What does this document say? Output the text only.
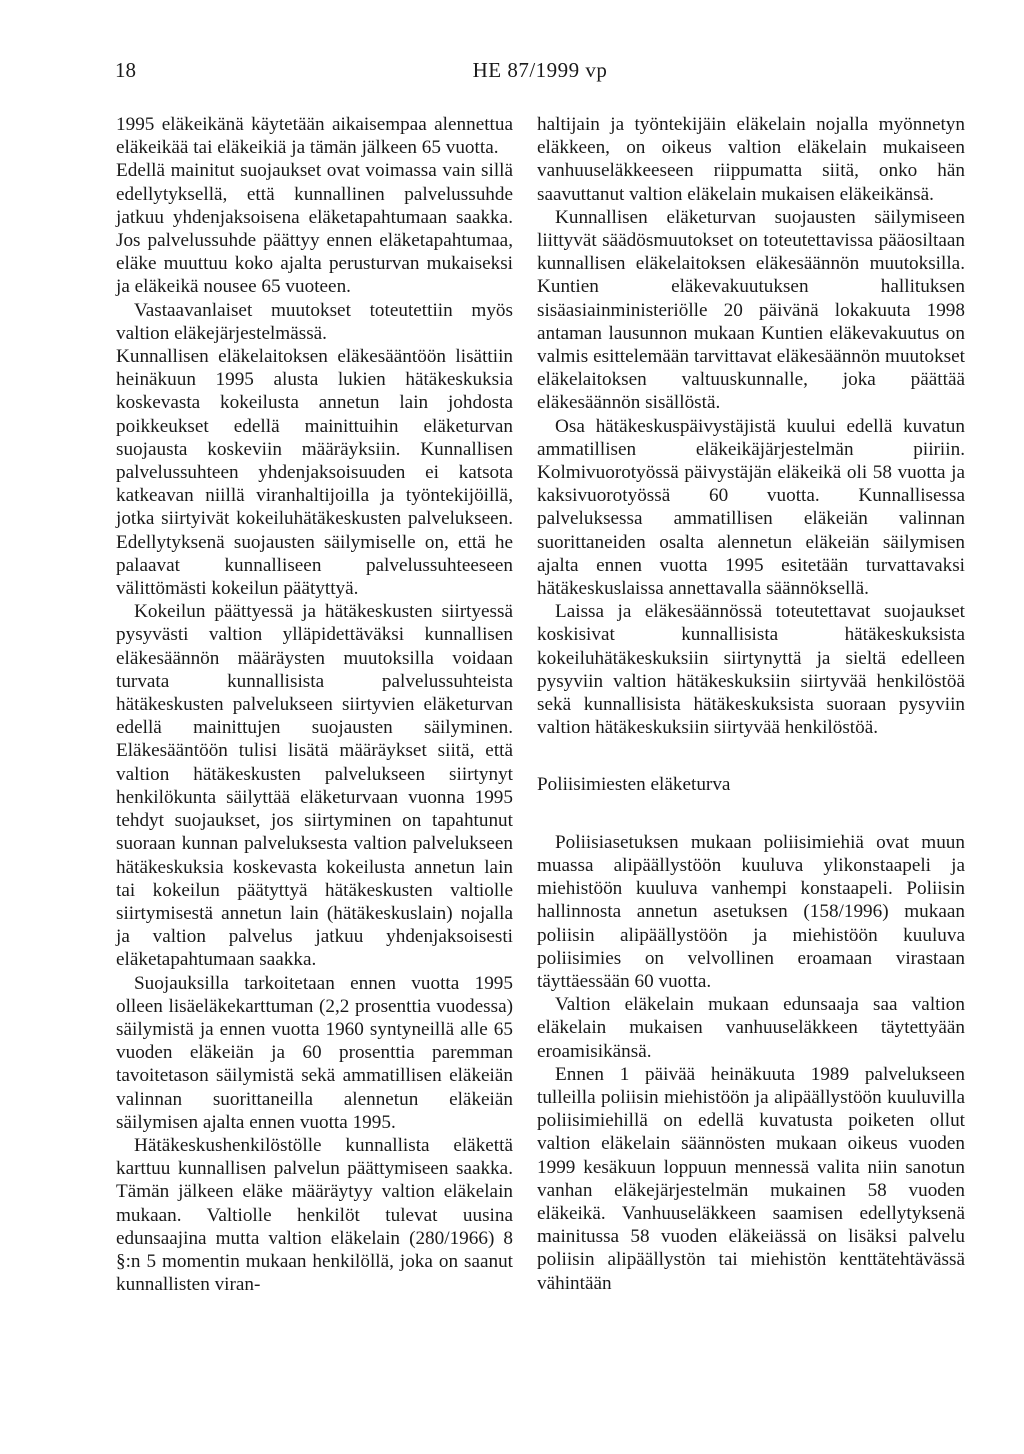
18	HE 87/1999 vp

1995 eläkeikänä käytetään aikaisempaa alennettua eläkeikää tai eläkeikiä ja tämän jälkeen 65 vuotta.

Edellä mainitut suojaukset ovat voimassa vain sillä edellytyksellä, että kunnallinen palvelussuhde jatkuu yhdenjaksoisena eläketapahtumaan saakka. Jos palvelussuhde päättyy ennen eläketapahtumaa, eläke muuttuu koko ajalta perusturvan mukaiseksi ja eläkeikä nousee 65 vuoteen.

Vastaavanlaiset muutokset toteutettiin myös valtion eläkejärjestelmässä.

Kunnallisen eläkelaitoksen eläkesääntöön lisättiin heinäkuun 1995 alusta lukien hätäkeskuksia koskevasta kokeilusta annetun lain johdosta poikkeukset edellä mainittuihin eläketurvan suojausta koskeviin määräyksiin. Kunnallisen palvelussuhteen yhdenjaksoisuuden ei katsota katkeavan niillä viranhaltijoilla ja työntekijöillä, jotka siirtyivät kokeiluhätäkeskusten palvelukseen. Edellytyksenä suojausten säilymiselle on, että he palaavat kunnalliseen palvelussuhteeseen välittömästi kokeilun päätyttyä.

Kokeilun päättyessä ja hätäkeskusten siirtyessä pysyvästi valtion ylläpidettäväksi kunnallisen eläkesäännön määräysten muutoksilla voidaan turvata kunnallisista palvelussuhteista hätäkeskusten palvelukseen siirtyvien eläketurvan edellä mainittujen suojausten säilyminen. Eläkesääntöön tulisi lisätä määräykset siitä, että valtion hätäkeskusten palvelukseen siirtynyt henkilökunta säilyttää eläketurvaan vuonna 1995 tehdyt suojaukset, jos siirtyminen on tapahtunut suoraan kunnan palveluksesta valtion palvelukseen hätäkeskuksia koskevasta kokeilusta annetun lain tai kokeilun päätyttyä hätäkeskusten valtiolle siirtymisestä annetun lain (hätäkeskuslain) nojalla ja valtion palvelus jatkuu yhdenjaksoisesti eläketapahtumaan saakka.

Suojauksilla tarkoitetaan ennen vuotta 1995 olleen lisäeläkekarttuman (2,2 prosenttia vuodessa) säilymistä ja ennen vuotta 1960 syntyneillä alle 65 vuoden eläkeiän ja 60 prosenttia paremman tavoitetason säilymistä sekä ammatillisen eläkeiän valinnan suorittaneilla alennetun eläkeiän säilymisen ajalta ennen vuotta 1995.

Hätäkeskushenkilöstölle kunnallista eläkettä karttuu kunnallisen palvelun päättymiseen saakka. Tämän jälkeen eläke määräytyy valtion eläkelain mukaan. Valtiolle henkilöt tulevat uusina edunsaajina mutta valtion eläkelain (280/1966) 8 §:n 5 momentin mukaan henkilöllä, joka on saanut kunnallisten viran-

haltijain ja työntekijäin eläkelain nojalla myönnetyn eläkkeen, on oikeus valtion eläkelain mukaiseen vanhuuseläkkeeseen riippumatta siitä, onko hän saavuttanut valtion eläkelain mukaisen eläkeikänsä.

Kunnallisen eläketurvan suojausten säilymiseen liittyvät säädösmuutokset on toteutettavissa pääosiltaan kunnallisen eläkelaitoksen eläkesäännön muutoksilla. Kuntien eläkevakuutuksen hallituksen sisäasiainministeriölle 20 päivänä lokakuuta 1998 antaman lausunnon mukaan Kuntien eläkevakuutus on valmis esittelemään tarvittavat eläkesäännön muutokset eläkelaitoksen valtuuskunnalle, joka päättää eläkesäännön sisällöstä.

Osa hätäkeskuspäivystäjistä kuului edellä kuvatun ammatillisen eläkeikäjärjestelmän piiriin. Kolmivuorotyössä päivystäjän eläkeikä oli 58 vuotta ja kaksivuorotyössä 60 vuotta. Kunnallisessa palveluksessa ammatillisen eläkeiän valinnan suorittaneiden osalta alennetun eläkeiän säilymisen ajalta ennen vuotta 1995 esitetään turvattavaksi hätäkeskuslaissa annettavalla säännöksellä.

Laissa ja eläkesäännössä toteutettavat suojaukset koskisivat kunnallisista hätäkeskuksista kokeiluhätäkeskuksiin siirtynyttä ja sieltä edelleen pysyviin valtion hätäkeskuksiin siirtyvää henkilöstöä sekä kunnallisista hätäkeskuksista suoraan pysyviin valtion hätäkeskuksiin siirtyvää henkilöstöä.

Poliisimiesten eläketurva

Poliisiasetuksen mukaan poliisimiehiä ovat muun muassa alipäällystöön kuuluva ylikonstaapeli ja miehistöön kuuluva vanhempi konstaapeli. Poliisin hallinnosta annetun asetuksen (158/1996) mukaan poliisin alipäällystöön ja miehistöön kuuluva poliisimies on velvollinen eroamaan virastaan täyttäessään 60 vuotta.

Valtion eläkelain mukaan edunsaaja saa valtion eläkelain mukaisen vanhuuseläkkeen täytettyään eroamisikänsä.

Ennen 1 päivää heinäkuuta 1989 palvelukseen tulleilla poliisin miehistöön ja alipäällystöön kuuluvilla poliisimiehillä on edellä kuvatusta poiketen ollut valtion eläkelain säännösten mukaan oikeus vuoden 1999 kesäkuun loppuun mennessä valita niin sanotun vanhan eläkejärjestelmän mukainen 58 vuoden eläkeikä. Vanhuuseläkkeen saamisen edellytyksenä mainitussa 58 vuoden eläkeiässä on lisäksi palvelu poliisin alipäällystön tai miehistön kenttätehtävässä vähintään
